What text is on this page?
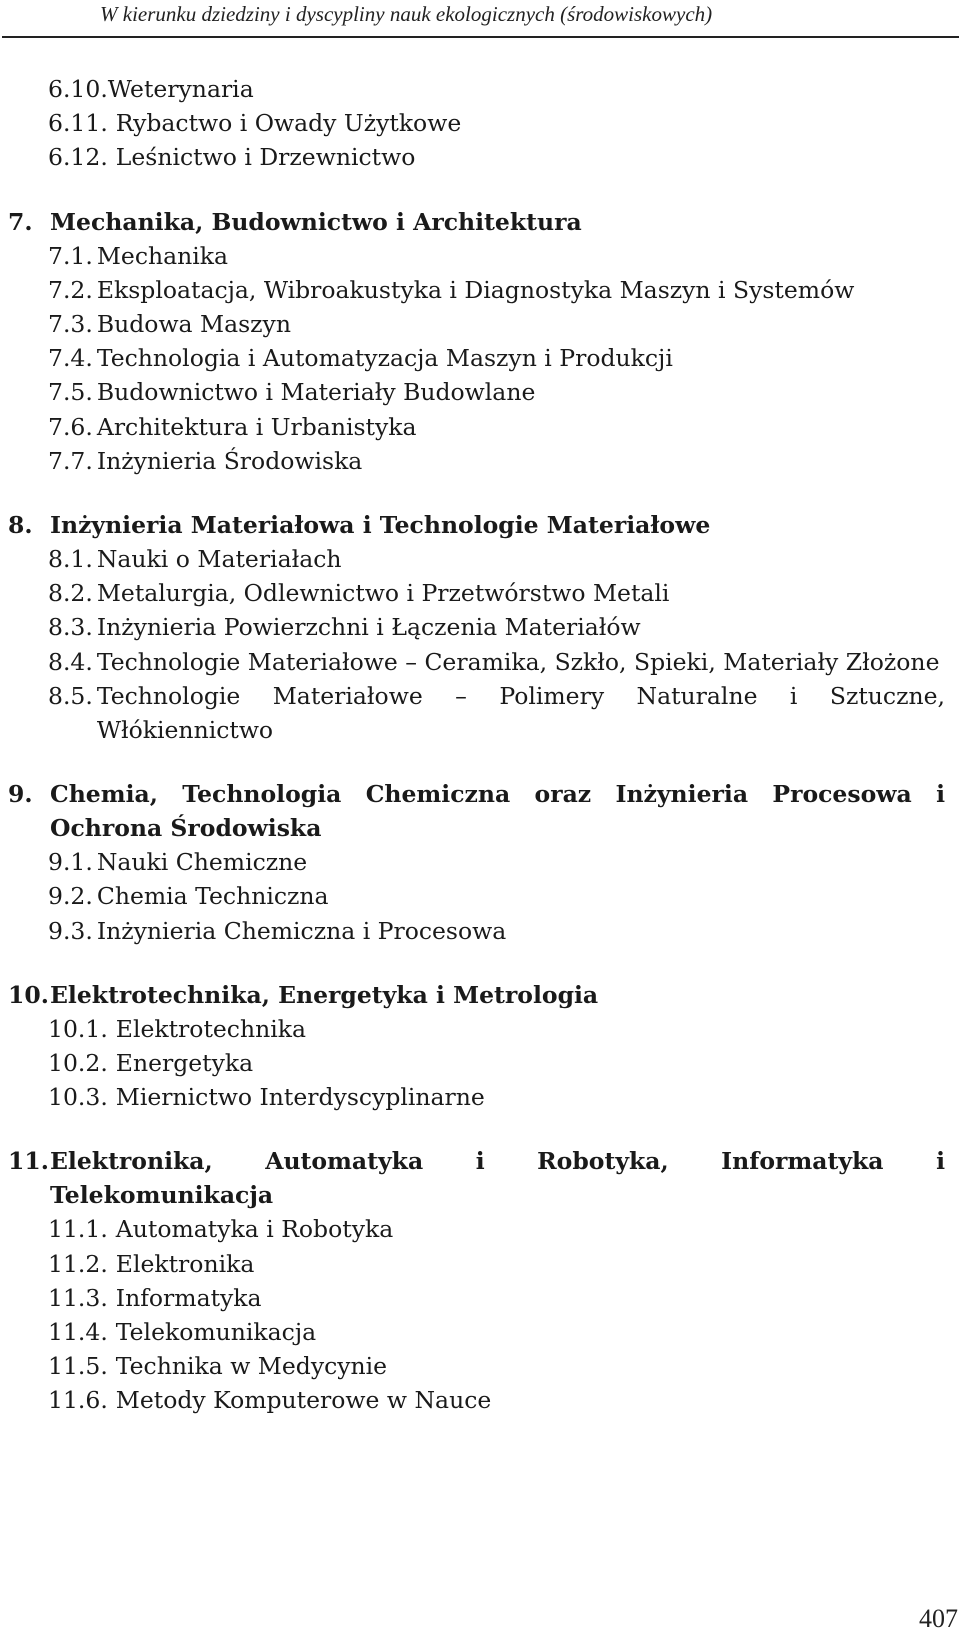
W kierunku dziedziny i dyscypliny nauk ekologicznych (środowiskowych)
6.10. Weterynaria
6.11. Rybactwo i Owady Użytkowe
6.12. Leśnictwo i Drzewnictwo
7. Mechanika, Budownictwo i Architektura
7.1. Mechanika
7.2. Eksploatacja, Wibroakustyka i Diagnostyka Maszyn i Systemów
7.3. Budowa Maszyn
7.4. Technologia i Automatyzacja Maszyn i Produkcji
7.5. Budownictwo i Materiały Budowlane
7.6. Architektura i Urbanistyka
7.7. Inżynieria Środowiska
8. Inżynieria Materiałowa i Technologie Materiałowe
8.1. Nauki o Materiałach
8.2. Metalurgia, Odlewnictwo i Przetwórstwo Metali
8.3. Inżynieria Powierzchni i Łączenia Materiałów
8.4. Technologie Materiałowe – Ceramika, Szkło, Spieki, Materiały Złożone
8.5. Technologie Materiałowe – Polimery Naturalne i Sztuczne, Włókiennictwo
9. Chemia, Technologia Chemiczna oraz Inżynieria Procesowa i Ochrona Środowiska
9.1. Nauki Chemiczne
9.2. Chemia Techniczna
9.3. Inżynieria Chemiczna i Procesowa
10. Elektrotechnika, Energetyka i Metrologia
10.1. Elektrotechnika
10.2. Energetyka
10.3. Miernictwo Interdyscyplinarne
11. Elektronika, Automatyka i Robotyka, Informatyka i Telekomunikacja
11.1. Automatyka i Robotyka
11.2. Elektronika
11.3. Informatyka
11.4. Telekomunikacja
11.5. Technika w Medycynie
11.6. Metody Komputerowe w Nauce
407
